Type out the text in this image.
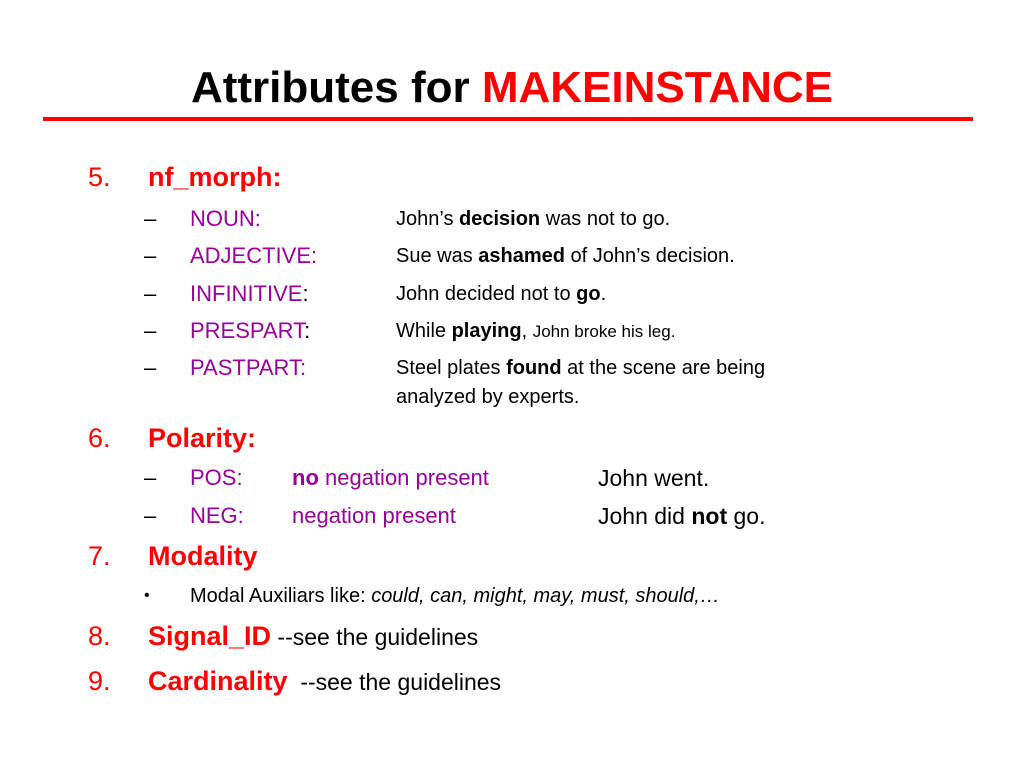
Attributes for MAKEINSTANCE
5. nf_morph:
– NOUN:	John’s decision was not to go.
– ADJECTIVE:	Sue was ashamed of John’s decision.
– INFINITIVE:	John decided not to go.
– PRESPART:	While playing, John broke his leg.
– PASTPART:	Steel plates found at the scene are being
analyzed by experts.
6. Polarity:
– POS: no negation present	John went.
– NEG: negation present	John did not go.
7. Modality
• Modal Auxiliars like: could, can, might, may, must, should,…
8. Signal_ID --see the guidelines
9. Cardinality  --see the guidelines
